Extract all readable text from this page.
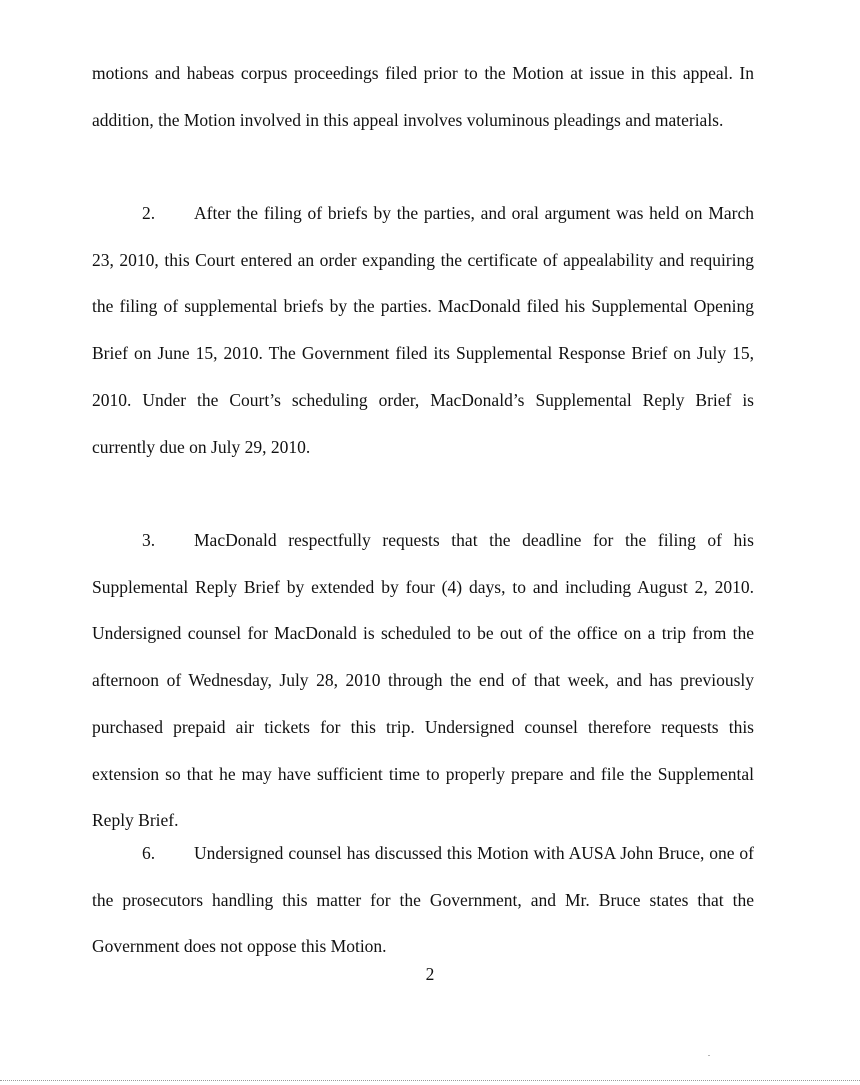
motions and habeas corpus proceedings filed prior to the Motion at issue in this appeal. In addition, the Motion involved in this appeal involves voluminous pleadings and materials.
2. After the filing of briefs by the parties, and oral argument was held on March 23, 2010, this Court entered an order expanding the certificate of appealability and requiring the filing of supplemental briefs by the parties. MacDonald filed his Supplemental Opening Brief on June 15, 2010. The Government filed its Supplemental Response Brief on July 15, 2010. Under the Court’s scheduling order, MacDonald’s Supplemental Reply Brief is currently due on July 29, 2010.
3. MacDonald respectfully requests that the deadline for the filing of his Supplemental Reply Brief by extended by four (4) days, to and including August 2, 2010. Undersigned counsel for MacDonald is scheduled to be out of the office on a trip from the afternoon of Wednesday, July 28, 2010 through the end of that week, and has previously purchased prepaid air tickets for this trip. Undersigned counsel therefore requests this extension so that he may have sufficient time to properly prepare and file the Supplemental Reply Brief.
6. Undersigned counsel has discussed this Motion with AUSA John Bruce, one of the prosecutors handling this matter for the Government, and Mr. Bruce states that the Government does not oppose this Motion.
2
